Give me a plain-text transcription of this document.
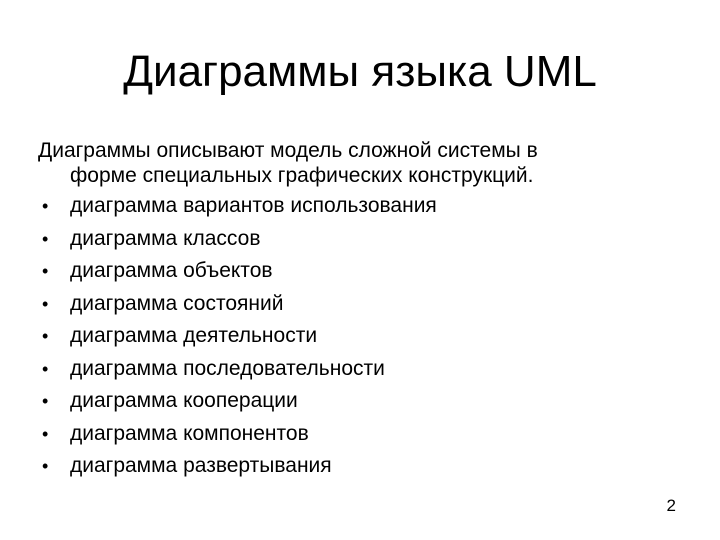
Диаграммы языка UML

Диаграммы описывают модель сложной системы в
форме специальных графических конструкций.

• диаграмма вариантов использования
• диаграмма классов
• диаграмма объектов
• диаграмма состояний
• диаграмма деятельности
• диаграмма последовательности
• диаграмма кооперации
• диаграмма компонентов
• диаграмма развертывания
2
